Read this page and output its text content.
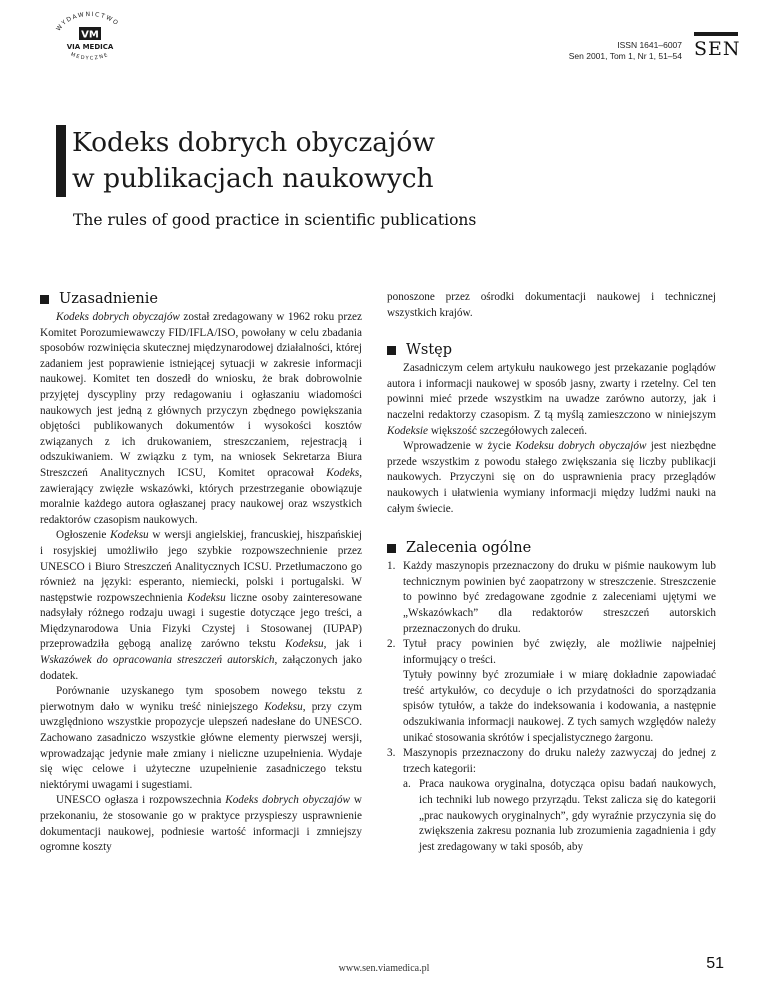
WYDAWNICTWO
VM
VIA MEDICA
MEDYCZNE
ISSN 1641–6007
Sen 2001, Tom 1, Nr 1, 51–54 SEN
Kodeks dobrych obyczajów
w publikacjach naukowych
The rules of good practice in scientific publications
Uzasadnienie

Kodeks dobrych obyczajów został zredagowany w 1962 roku przez Komitet Porozumiewawczy FID/IFLA/ISO, powołany w celu zbadania sposobów rozwinięcia skutecznej międzynarodowej działalności, której zadaniem jest poprawienie istniejącej sytuacji w zakresie informacji naukowej. Komitet ten doszedł do wniosku, że brak dobrowolnie przyjętej dyscypliny przy redagowaniu i ogłaszaniu wiadomości naukowych jest jedną z głównych przyczyn zbędnego powiększania objętości publikowanych dokumentów i wysokości kosztów związanych z ich drukowaniem, streszczaniem, rejestracją i odszukiwaniem. W związku z tym, na wniosek Sekretarza Biura Streszczeń Analitycznych ICSU, Komitet opracował Kodeks, zawierający zwięzłe wskazówki, których przestrzeganie obowiązuje moralnie każdego autora ogłaszanej pracy naukowej oraz wszystkich redaktorów czasopism naukowych.

Ogłoszenie Kodeksu w wersji angielskiej, francuskiej, hiszpańskiej i rosyjskiej umożliwiło jego szybkie rozpowszechnienie przez UNESCO i Biuro Streszczeń Analitycznych ICSU. Przetłumaczono go również na języki: esperanto, niemiecki, polski i portugalski. W następstwie rozpowszechnienia Kodeksu liczne osoby zainteresowane nadsyłały różnego rodzaju uwagi i sugestie dotyczące jego treści, a Międzynarodowa Unia Fizyki Czystej i Stosowanej (IUPAP) przeprowadziła gębogą analizę zarówno tekstu Kodeksu, jak i Wskazówek do opracowania streszczeń autorskich, załączonych jako dodatek.

Porównanie uzyskanego tym sposobem nowego tekstu z pierwotnym dało w wyniku treść niniejszego Kodeksu, przy czym uwzględniono wszystkie propozycje ulepszeń nadesłane do UNESCO. Zachowano zasadniczo wszystkie główne elementy pierwszej wersji, wprowadzając jedynie małe zmiany i nieliczne uzupełnienia. Wydaje się więc celowe i użyteczne uzupełnienie zasadniczego tekstu niektórymi uwagami i sugestiami.

UNESCO ogłasza i rozpowszechnia Kodeks dobrych obyczajów w przekonaniu, że stosowanie go w praktyce przyspieszy usprawnienie dokumentacji naukowej, podniesie wartość informacji i zmniejszy ogromne koszty

ponoszone przez ośrodki dokumentacji naukowej i technicznej wszystkich krajów.

Wstęp

Zasadniczym celem artykułu naukowego jest przekazanie poglądów autora i informacji naukowej w sposób jasny, zwarty i rzetelny. Cel ten powinni mieć przede wszystkim na uwadze zarówno autorzy, jak i naczelni redaktorzy czasopism. Z tą myślą zamieszczono w niniejszym Kodeksie większość szczegółowych zaleceń.

Wprowadzenie w życie Kodeksu dobrych obyczajów jest niezbędne przede wszystkim z powodu stałego zwiększania się liczby publikacji naukowych. Przyczyni się on do usprawnienia pracy przeglądów naukowych i ułatwienia wymiany informacji między ludźmi nauki na całym świecie.

Zalecenia ogólne
1. Każdy maszynopis przeznaczony do druku w piśmie naukowym lub technicznym powinien być zaopatrzony w streszczenie. Streszczenie to powinno być zredagowane zgodnie z zaleceniami ujętymi we „Wskazówkach” dla redaktorów streszczeń autorskich przeznaczonych do druku.
2. Tytuł pracy powinien być zwięzły, ale możliwie najpełniej informujący o treści.
Tytuły powinny być zrozumiałe i w miarę dokładnie zapowiadać treść artykułów, co decyduje o ich przydatności do sporządzania spisów tytułów, a także do indeksowania i kodowania, a następnie odszukiwania informacji naukowej. Z tych samych względów należy unikać stosowania skrótów i specjalistycznego żargonu.
3. Maszynopis przeznaczony do druku należy zazwyczaj do jednej z trzech kategorii:
a. Praca naukowa oryginalna, dotycząca opisu badań naukowych, ich techniki lub nowego przyrządu. Tekst zalicza się do kategorii „prac naukowych oryginalnych”, gdy wyraźnie przyczynia się do zwiększenia zakresu poznania lub zrozumienia zagadnienia i gdy jest zredagowany w taki sposób, aby
www.sen.viamedica.pl	51
